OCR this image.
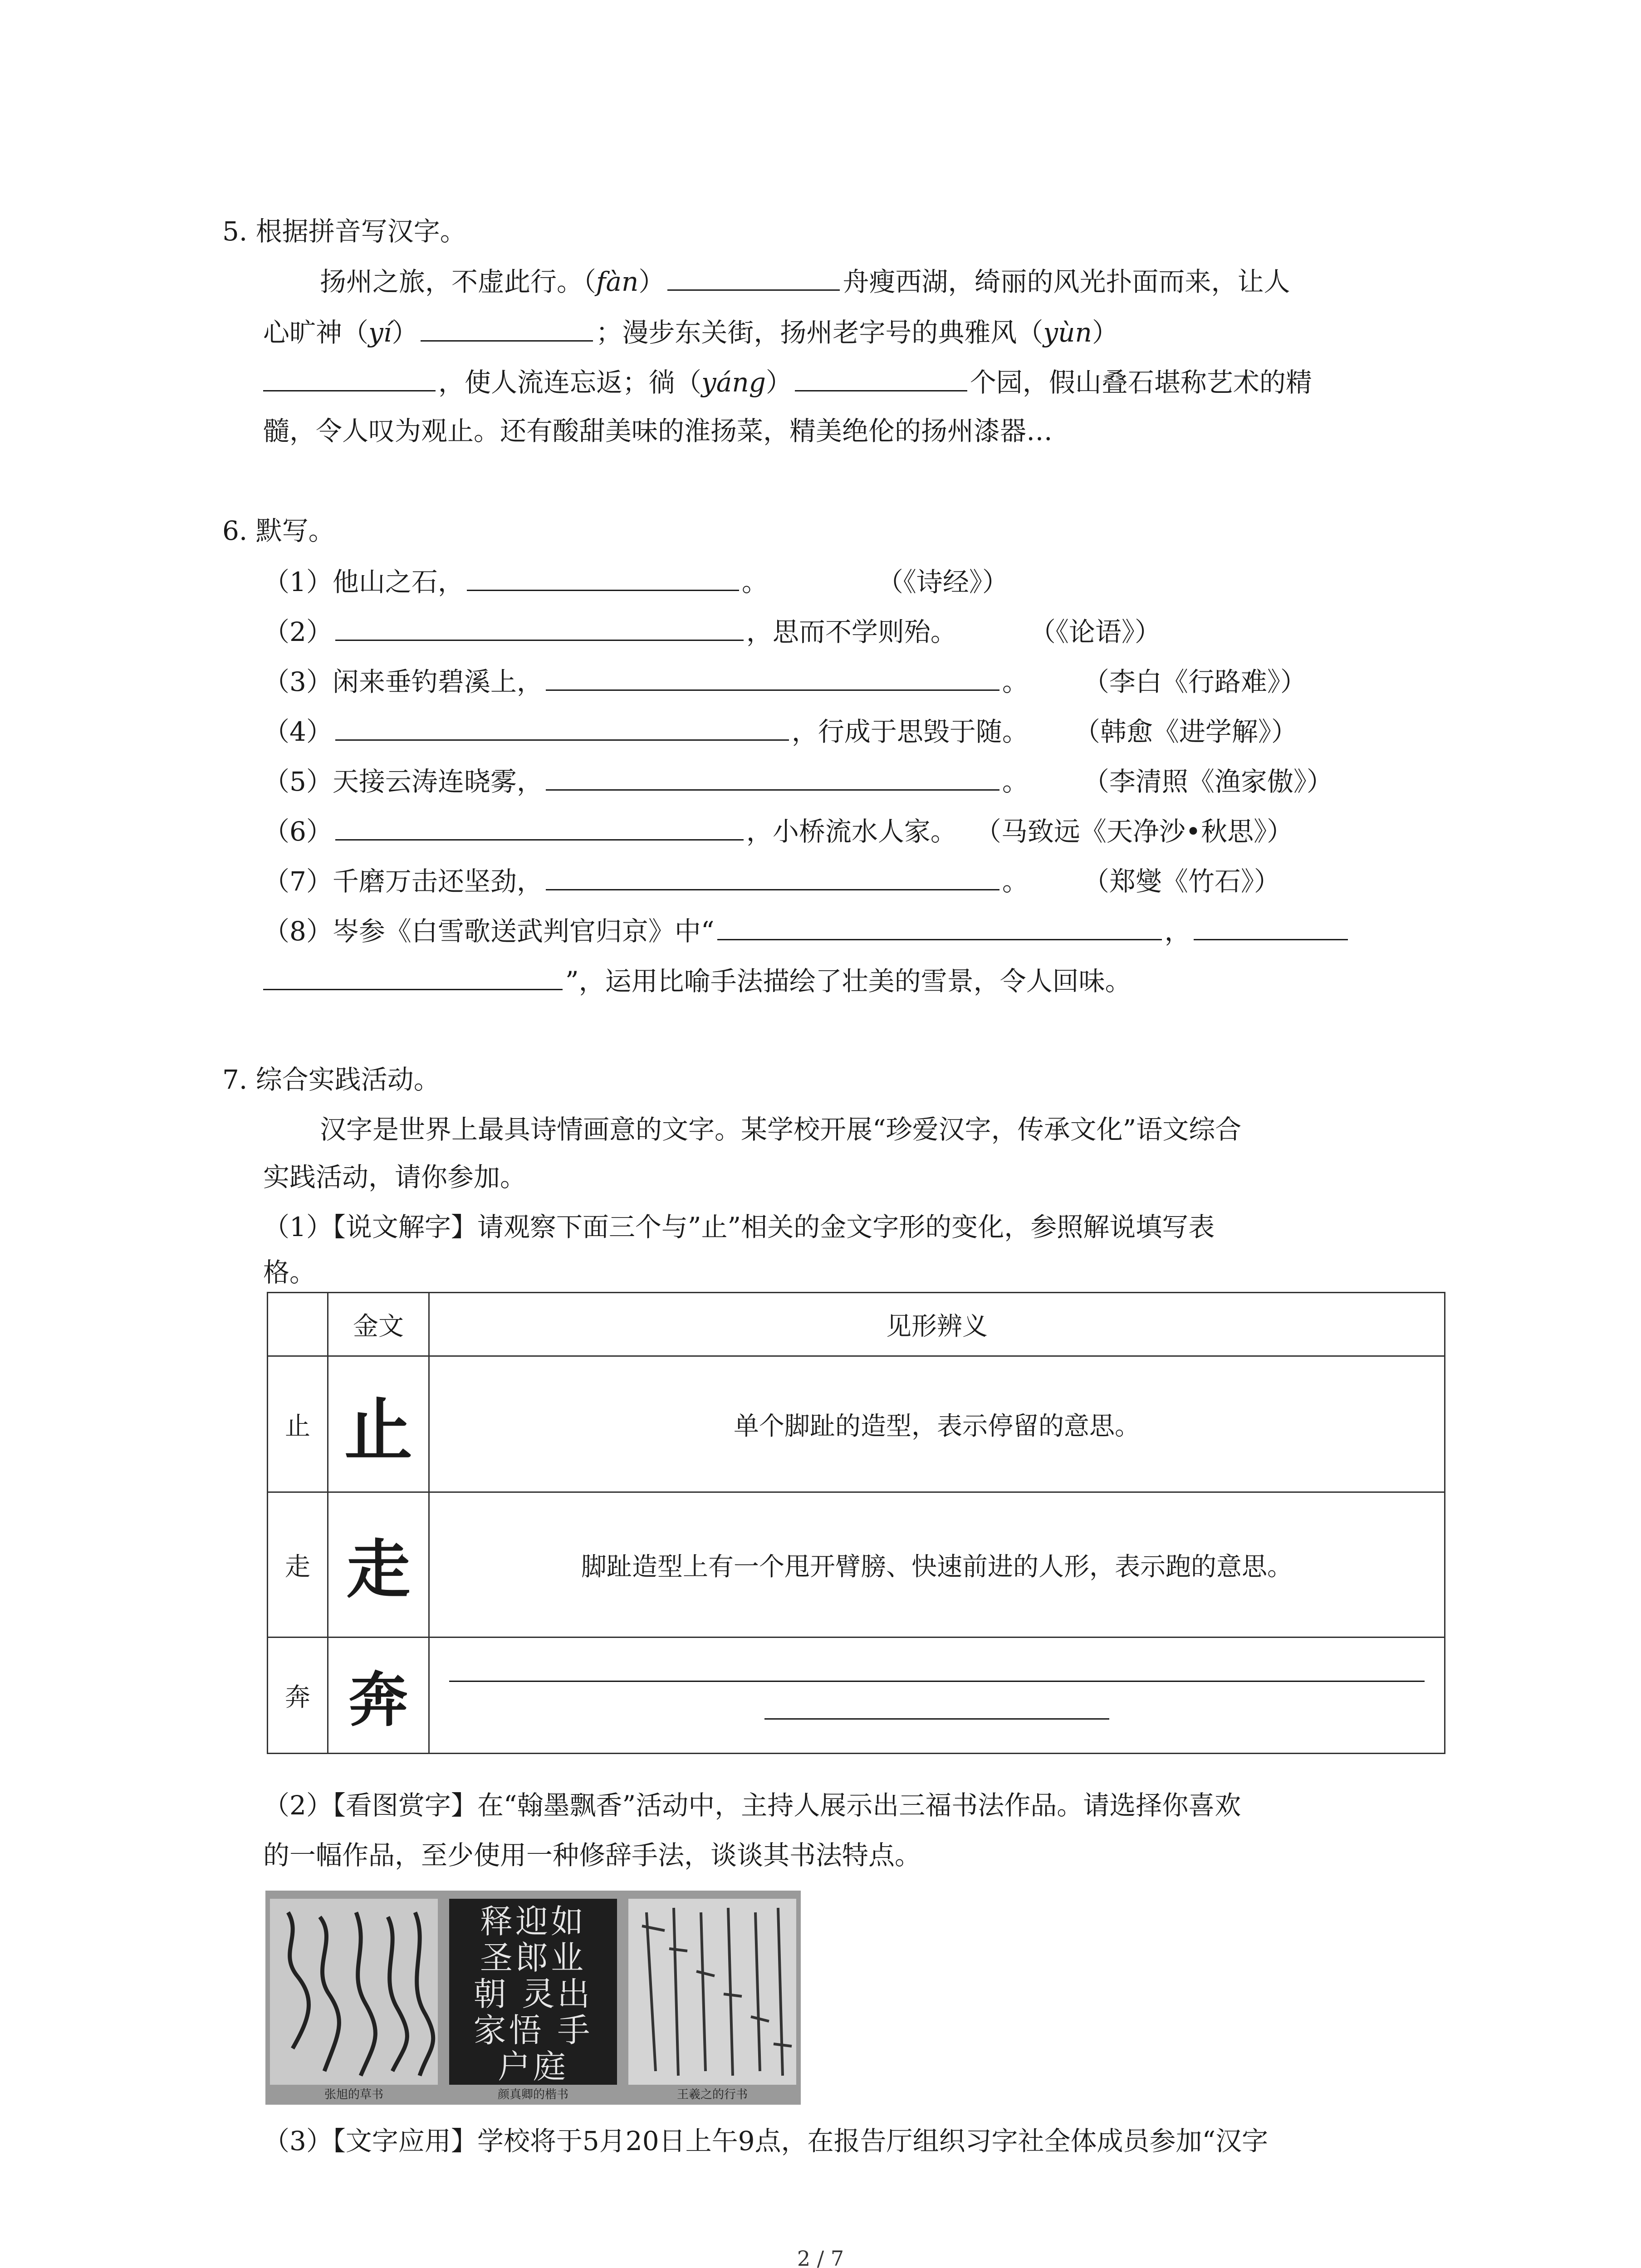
5. 根据拼音写汉字。
扬州之旅，不虚此行。（fàn）	舟瘦西湖，绮丽的风光扑面而来，让人
心旷神（yí）	；漫步东关街，扬州老字号的典雅风（yùn）
，使人流连忘返；徜（yáng）	个园，假山叠石堪称艺术的精
髓，令人叹为观止。还有酸甜美味的淮扬菜，精美绝伦的扬州漆器…
6. 默写。
（1）他山之石，	。	（《诗经》）
（2）	，思而不学则殆。	（《论语》）
（3）闲来垂钓碧溪上，	。 （李白《行路难》）
（4）	，行成于思毁于随。 （韩愈《进学解》）
（5）天接云涛连晓雾，	。 （李清照《渔家傲》）
（6）	，小桥流水人家。 （马致远《天净沙•秋思》）
（7）千磨万击还坚劲，	。 （郑燮《竹石》）
（8）岑参《白雪歌送武判官归京》中“	，
”，运用比喻手法描绘了壮美的雪景，令人回味。
7. 综合实践活动。
汉字是世界上最具诗情画意的文字。某学校开展“珍爱汉字，传承文化”语文综合
实践活动，请你参加。
（1）【说文解字】请观察下面三个与”止”相关的金文字形的变化，参照解说填写表
格。
	金文	见形辨义
止	止	单个脚趾的造型，表示停留的意思。
走	走	脚趾造型上有一个甩开臂膀、快速前进的人形，表示跑的意思。
奔	奔	
（2）【看图赏字】在“翰墨飘香”活动中，主持人展示出三福书法作品。请选择你喜欢
的一幅作品，至少使用一种修辞手法，谈谈其书法特点。
释迎如 圣郎业朝 灵出家悟 手户庭
张旭的草书	颜真卿的楷书	王羲之的行书
（3）【文字应用】学校将于5月20日上午9点，在报告厅组织习字社全体成员参加“汉字
2 / 7
